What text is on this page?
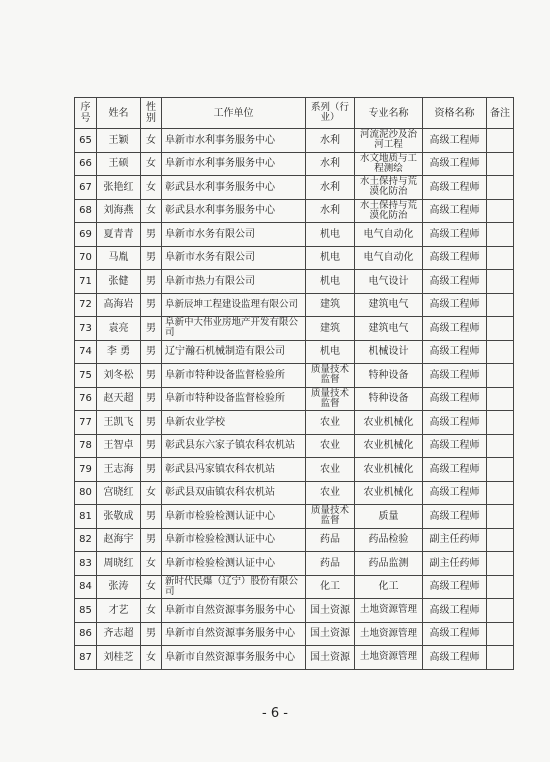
序号	姓名	性别	工作单位	系列（行业）	专业名称	资格名称	备注
65	王颖	女	阜新市水利事务服务中心	水利	河流泥沙及治河工程	高级工程师	
66	王硕	女	阜新市水利事务服务中心	水利	水文地质与工程测绘	高级工程师	
67	张艳红	女	彰武县水利事务服务中心	水利	水土保持与荒漠化防治	高级工程师	
68	刘海燕	女	彰武县水利事务服务中心	水利	水土保持与荒漠化防治	高级工程师	
69	夏青青	男	阜新市水务有限公司	机电	电气自动化	高级工程师	
70	马胤	男	阜新市水务有限公司	机电	电气自动化	高级工程师	
71	张健	男	阜新市热力有限公司	机电	电气设计	高级工程师	
72	高海岩	男	阜新辰坤工程建设监理有限公司	建筑	建筑电气	高级工程师	
73	袁亮	男	阜新中大伟业房地产开发有限公司	建筑	建筑电气	高级工程师	
74	李 勇	男	辽宁瀚石机械制造有限公司	机电	机械设计	高级工程师	
75	刘冬松	男	阜新市特种设备监督检验所	质量技术监督	特种设备	高级工程师	
76	赵天超	男	阜新市特种设备监督检验所	质量技术监督	特种设备	高级工程师	
77	王凯飞	男	阜新农业学校	农业	农业机械化	高级工程师	
78	王智卓	男	彰武县东六家子镇农科农机站	农业	农业机械化	高级工程师	
79	王志海	男	彰武县冯家镇农科农机站	农业	农业机械化	高级工程师	
80	宫晓红	女	彰武县双庙镇农科农机站	农业	农业机械化	高级工程师	
81	张敬成	男	阜新市检验检测认证中心	质量技术监督	质量	高级工程师	
82	赵海宇	男	阜新市检验检测认证中心	药品	药品检验	副主任药师	
83	周晓红	女	阜新市检验检测认证中心	药品	药品监测	副主任药师	
84	张涛	女	新时代民爆（辽宁）股份有限公司	化工	化工	高级工程师	
85	才艺	女	阜新市自然资源事务服务中心	国土资源	土地资源管理	高级工程师	
86	齐志超	男	阜新市自然资源事务服务中心	国土资源	土地资源管理	高级工程师	
87	刘桂芝	女	阜新市自然资源事务服务中心	国土资源	土地资源管理	高级工程师	
- 6 -
